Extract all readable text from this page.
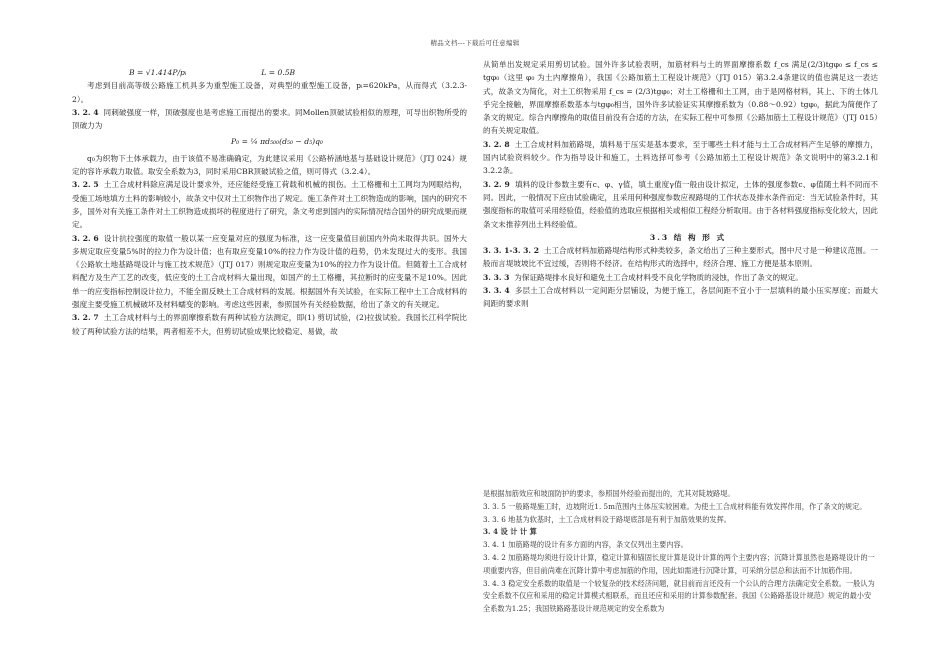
精品文档---下载后可任意编辑

B = √1.414P/pᵢ	L = 0.5B

考虑到目前高等级公路施工机具多为重型施工设备，对典型的重型施工设备，pᵢ=620kPa，从而得式（3.2.3-2）。

3. 2. 4 同刺破强度一样，顶破强度也是考虑施工而提出的要求。同Mollen顶破试验相似的原理，可导出织物所受的顶破力为

P₀ = ¼ πd₅₀₀(d₅₀ − d₅)q₀

q₀为织物下土体承载力，由于该值不易准确确定，为此建议采用《公路桥涵地基与基础设计规范》（JTJ 024）规定的容许承载力取值。取安全系数为3，同时采用CBR顶破试验之值，则可得式（3.2.4）。

3. 2. 5 土工合成材料除应满足设计要求外，还应能经受施工荷载和机械的损伤。土工格栅和土工网均为网眼结构，受施工场地填方土料的影响较小，故条文中仅对土工织物作出了规定。施工条件对土工织物造成的影响，国内的研究不多，国外对有关施工条件对土工织物造成损坏的程度进行了研究，条文考虑到国内的实际情况结合国外的研究成果而规定。

3. 2. 6 设计抗拉强度的取值一般以某一应变量对应的强度为标准，这一应变量值目前国内外尚未取得共识。国外大多规定取应变量5%时的拉力作为设计值；也有取应变量10%的拉力作为设计值的趋势，仍未发现过大的变形。我国《公路软土地基路堤设计与施工技术规范》（JTJ 017）则规定取应变量为10%的拉力作为设计值。但随着土工合成材料配方及生产工艺的改变，低应变的土工合成材料大量出现，如国产的土工格栅，其拉断时的应变量不足10%。因此单一的应变指标控制设计拉力，不能全面反映土工合成材料的发展。根据国外有关试验，在实际工程中土工合成材料的强度主要受施工机械破坏及材料蠕变的影响。考虑这些因素，参照国外有关经验数据，给出了条文的有关规定。

3. 2. 7 土工合成材料与土的界面摩擦系数有两种试验方法测定，即(1) 剪切试验，(2)拉拔试验。我国长江科学院比较了两种试验方法的结果，两者相差不大，但剪切试验成果比较稳定、易做，故

从简单出发规定采用剪切试验。国外许多试验表明，加筋材料与土的界面摩擦系数 f_cs 满足(2/3)tgφ₀ ≤ f_cs ≤ tgφ₀（这里 φ₀ 为土内摩擦角），我国《公路加筋土工程设计规范》（JTJ 015）第3.2.4条建议的值也满足这一表达式，故条文为简化，对土工织物采用 f_cs = (2/3)tgφ₀；对土工格栅和土工网，由于是网格材料，其上、下的土体几乎完全接触，界面摩擦系数基本与tgφ₀相当，国外许多试验证实其摩擦系数为（0.88～0.92）tgφ₀，据此为简便作了条文的规定。综合内摩擦角的取值目前没有合适的方法，在实际工程中可参照《公路加筋土工程设计规范》（JTJ 015）的有关规定取值。

3. 2. 8 土工合成材料加筋路堤，填料易于压实是基本要求，至于哪些土料才能与土工合成材料产生足够的摩擦力，国内试验资料较少。作为指导设计和施工，土料选择可参考《公路加筋土工程设计规范》条文说明中的第3.2.1和3.2.2条。

3. 2. 9 填料的设计参数主要有c、φ、γ值，填土重度γ值一般由设计拟定，土体的强度参数c、φ值随土料不同而不同。因此，一般情况下应由试验确定，且采用何种强度参数应视路堤的工作状态及排水条件而定：当无试验条件时，其强度指标的取值可采用经验值，经验值的选取应根据相关或相似工程经分析取用。由于各材料强度指标变化较大，因此条文未推荐列出土料经验值。

3.3 结 构 形 式

3. 3. 1-3. 3. 2 土工合成材料加筋路堤结构形式种类较多，条文给出了三种主要形式，图中尺寸是一种建议范围。一般而言堤坡坡比不宜过缓，否则将不经济。在结构形式的选择中，经济合理、施工方便是基本原则。

3. 3. 3 为保证路堤排水良好和避免土工合成材料受不良化学物质的浸蚀，作出了条文的规定。

3. 3. 4 多层土工合成材料以一定间距分层铺设，为便于施工，各层间距不宜小于一层填料的最小压实厚度；而最大间距的要求则

是根据加筋效应和坡面防护的要求，参照国外经验而提出的，尤其对陡坡路堤。

3. 3. 5 一般路堤施工时，边坡附近1. 5m范围内土体压实较困难。为使土工合成材料能有效发挥作用，作了条文的规定。

3. 3. 6 地基为软基时，土工合成材料设于路堤底部是有利于加筋效果的发挥。

3. 4 设 计 计 算

3. 4. 1 加筋路堤的设计有多方面的内容，条文仅列出主要内容。

3. 4. 2 加筋路堤均须进行设计计算，稳定计算和锚固长度计算是设计计算的两个主要内容；沉降计算虽然也是路堤设计的一项重要内容，但目前尚难在沉降计算中考虑加筋的作用，因此如需进行沉降计算，可采纳分层总和法而不计加筋作用。

3. 4. 3 稳定安全系数的取值是一个较复杂的技术经济问题，就目前而言还没有一个公认的合理方法确定安全系数。一般认为安全系数不仅应和采用的稳定计算模式相联系，而且还应和采用的计算参数配套。我国《公路路基设计规范》规定的最小安全系数为1.25；我国铁路路基设计规范规定的安全系数为
